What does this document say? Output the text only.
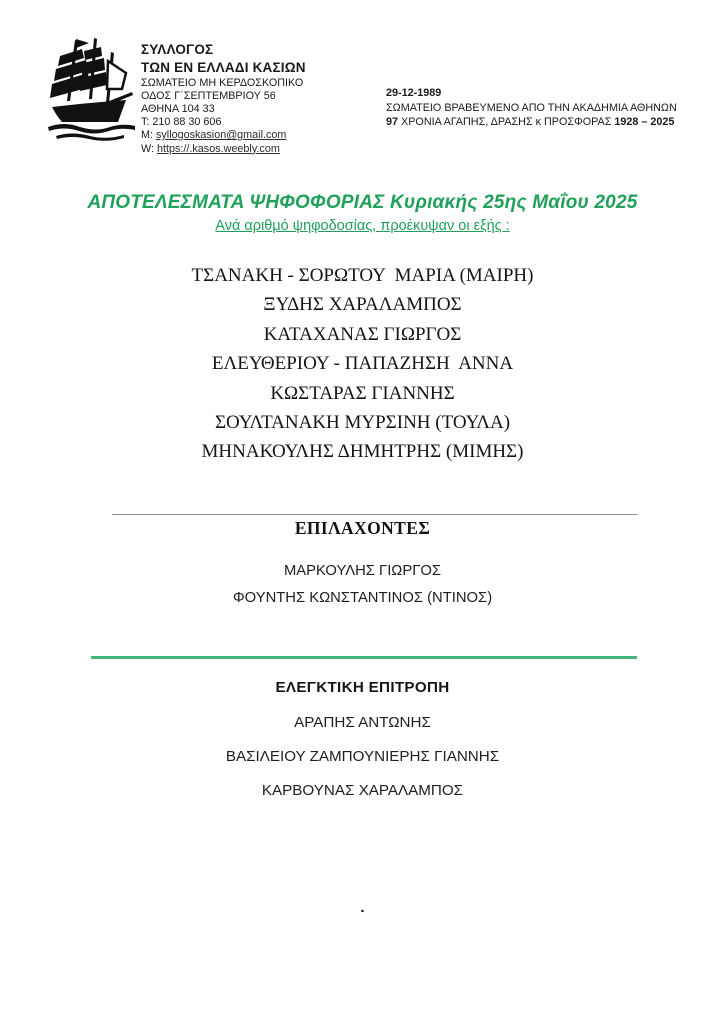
ΣΥΛΛΟΓΟΣ
ΤΩΝ ΕΝ ΕΛΛΑΔΙ ΚΑΣΙΩΝ
ΣΩΜΑΤΕΙΟ ΜΗ ΚΕΡΔΟΣΚΟΠΙΚΟ
ΟΔΟΣ Γ΄ΣΕΠΤΕΜΒΡΙΟΥ 56
ΑΘΗΝΑ 104 33
T: 210 88 30 606
M: syllogoskasion@gmail.com
W: https://.kasos.weebly.com
29-12-1989
ΣΩΜΑΤΕΙΟ ΒΡΑΒΕΥΜΕΝΟ ΑΠΟ ΤΗΝ ΑΚΑΔΗΜΙΑ ΑΘΗΝΩΝ
97 ΧΡΟΝΙΑ ΑΓΑΠΗΣ, ΔΡΑΣΗΣ κ ΠΡΟΣΦΟΡΑΣ 1928 – 2025
ΑΠΟΤΕΛΕΣΜΑΤΑ ΨΗΦΟΦΟΡΙΑΣ Κυριακής 25ης Μαΐου 2025
Ανά αριθμό ψηφοδοσίας, προέκυψαν οι εξής :
ΤΣΑΝΑΚΗ - ΣΟΡΩΤΟΥ  ΜΑΡΙΑ (ΜΑΙΡΗ)
ΞΥΔΗΣ ΧΑΡΑΛΑΜΠΟΣ
ΚΑΤΑΧΑΝΑΣ ΓΙΩΡΓΟΣ
ΕΛΕΥΘΕΡΙΟΥ - ΠΑΠΑΖΗΣΗ  ΑΝΝΑ
ΚΩΣΤΑΡΑΣ ΓΙΑΝΝΗΣ
ΣΟΥΛΤΑΝΑΚΗ ΜΥΡΣΙΝΗ (ΤΟΥΛΑ)
ΜΗΝΑΚΟΥΛΗΣ ΔΗΜΗΤΡΗΣ (ΜΙΜΗΣ)
ΕΠΙΛΑΧΟΝΤΕΣ
ΜΑΡΚΟΥΛΗΣ ΓΙΩΡΓΟΣ
ΦΟΥΝΤΗΣ ΚΩΝΣΤΑΝΤΙΝΟΣ (ΝΤΙΝΟΣ)
ΕΛΕΓΚΤΙΚΗ ΕΠΙΤΡΟΠΗ
ΑΡΑΠΗΣ ΑΝΤΩΝΗΣ
ΒΑΣΙΛΕΙΟΥ ΖΑΜΠΟΥΝΙΕΡΗΣ ΓΙΑΝΝΗΣ
ΚΑΡΒΟΥΝΑΣ ΧΑΡΑΛΑΜΠΟΣ
.
